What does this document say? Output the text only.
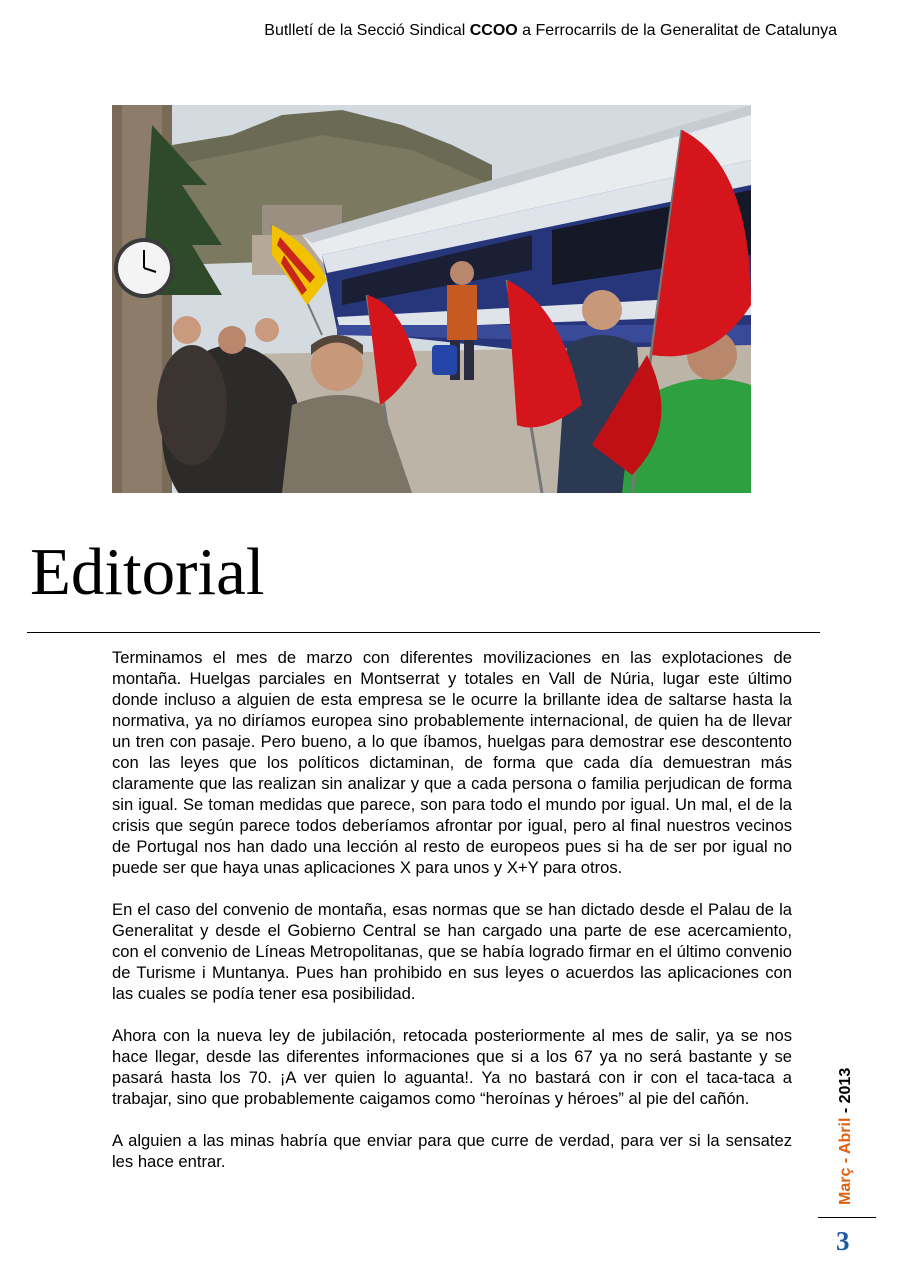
Butlletí de la Secció Sindical CCOO a Ferrocarrils de la Generalitat de Catalunya
Editorial

Terminamos el mes de marzo con diferentes movilizaciones en las explotaciones de montaña. Huelgas parciales en Montserrat y totales en Vall de Núria, lugar este último donde incluso a alguien de esta empresa se le ocurre la brillante idea de saltarse hasta la normativa, ya no diríamos europea sino probablemente internacional, de quien ha de llevar un tren con pasaje. Pero bueno, a lo que íbamos, huelgas para demostrar ese descontento con las leyes que los políticos dictaminan, de forma que cada día demuestran más claramente que las realizan sin analizar y que a cada persona o familia perjudican de forma sin igual. Se toman medidas que parece, son para todo el mundo por igual. Un mal, el de la crisis que según parece todos deberíamos afrontar por igual, pero al final nuestros vecinos de Portugal nos han dado una lección al resto de europeos pues si ha de ser por igual no puede ser que haya unas aplicaciones X para unos y X+Y para otros.

En el caso del convenio de montaña, esas normas que se han dictado desde el Palau de la Generalitat y desde el Gobierno Central se han cargado una parte de ese acercamiento, con el convenio de Líneas Metropolitanas, que se había logrado firmar en el último convenio de Turisme i Muntanya. Pues han prohibido en sus leyes o acuerdos las aplicaciones con las cuales se podía tener esa posibilidad.

Ahora con la nueva ley de jubilación, retocada posteriormente al mes de salir, ya se nos hace llegar, desde las diferentes informaciones que si a los 67 ya no será bastante y se pasará hasta los 70. ¡A ver quien lo aguanta!. Ya no bastará con ir con el taca-taca a trabajar, sino que probablemente caigamos como “heroínas y héroes” al pie del cañón.

A alguien a las minas habría que enviar para que curre de verdad, para ver si la sensatez les hace entrar.	Març - Abril - 2013
3
